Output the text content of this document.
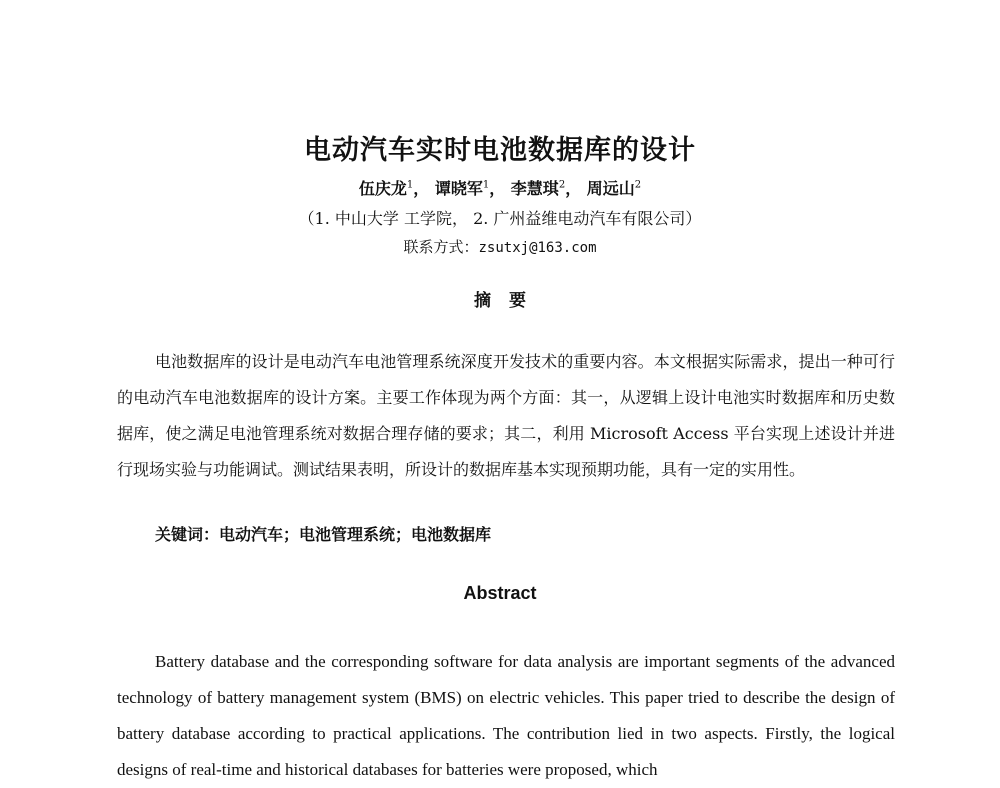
电动汽车实时电池数据库的设计
伍庆龙$^1$， 谭晓军$^1$， 李慧琪$^2$， 周远山$^2$
（1. 中山大学 工学院， 2. 广州益维电动汽车有限公司）
联系方式：zsutxj@163.com
摘要

电池数据库的设计是电动汽车电池管理系统深度开发技术的重要内容。本文根据实际需求，提出一种可行的电动汽车电池数据库的设计方案。主要工作体现为两个方面：其一，从逻辑上设计电池实时数据库和历史数据库，使之满足电池管理系统对数据合理存储的要求；其二，利用 Microsoft Access 平台实现上述设计并进行现场实验与功能调试。测试结果表明，所设计的数据库基本实现预期功能，具有一定的实用性。

关键词：电动汽车；电池管理系统；电池数据库
Abstract

Battery database and the corresponding software for data analysis are important segments of the advanced technology of battery management system (BMS) on electric vehicles. This paper tried to describe the design of battery database according to practical applications. The contribution lied in two aspects. Firstly, the logical designs of real-time and historical databases for batteries were proposed, which
